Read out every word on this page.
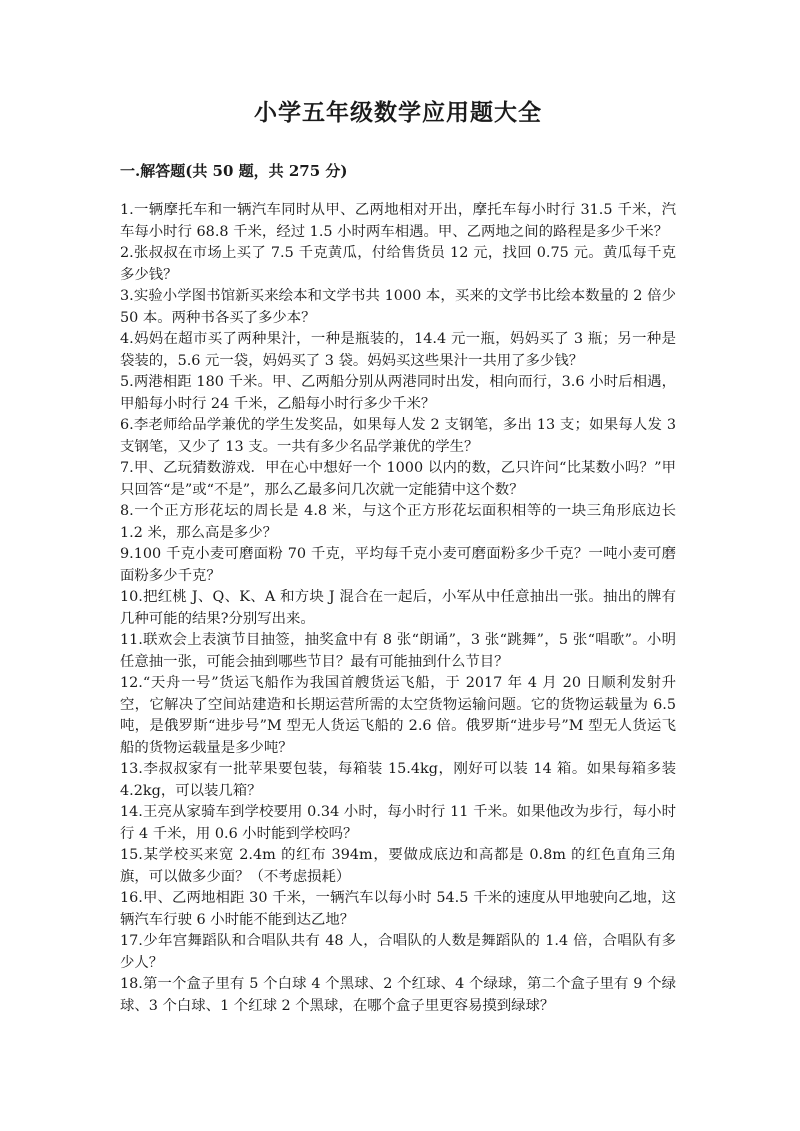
小学五年级数学应用题大全
一.解答题(共 50 题，共 275 分)
1.一辆摩托车和一辆汽车同时从甲、乙两地相对开出，摩托车每小时行 31.5 千米，汽车每小时行 68.8 千米，经过 1.5 小时两车相遇。甲、乙两地之间的路程是多少千米？
2.张叔叔在市场上买了 7.5 千克黄瓜，付给售货员 12 元，找回 0.75 元。黄瓜每千克多少钱？
3.实验小学图书馆新买来绘本和文学书共 1000 本，买来的文学书比绘本数量的 2 倍少 50 本。两种书各买了多少本？
4.妈妈在超市买了两种果汁，一种是瓶装的，14.4 元一瓶，妈妈买了 3 瓶；另一种是袋装的，5.6 元一袋，妈妈买了 3 袋。妈妈买这些果汁一共用了多少钱？
5.两港相距 180 千米。甲、乙两船分别从两港同时出发，相向而行，3.6 小时后相遇，甲船每小时行 24 千米，乙船每小时行多少千米？
6.李老师给品学兼优的学生发奖品，如果每人发 2 支钢笔，多出 13 支；如果每人发 3 支钢笔，又少了 13 支。一共有多少名品学兼优的学生？
7.甲、乙玩猜数游戏．甲在心中想好一个 1000 以内的数，乙只许问“比某数小吗？”甲只回答“是”或“不是”，那么乙最多问几次就一定能猜中这个数？
8.一个正方形花坛的周长是 4.8 米，与这个正方形花坛面积相等的一块三角形底边长 1.2 米，那么高是多少？
9.100 千克小麦可磨面粉 70 千克，平均每千克小麦可磨面粉多少千克？一吨小麦可磨面粉多少千克？
10.把红桃 J、Q、K、A 和方块 J 混合在一起后，小军从中任意抽出一张。抽出的牌有几种可能的结果?分别写出来。
11.联欢会上表演节目抽签，抽奖盒中有 8 张“朗诵”，3 张“跳舞”，5 张“唱歌”。小明任意抽一张，可能会抽到哪些节目？最有可能抽到什么节目？
12.“天舟一号”货运飞船作为我国首艘货运飞船，于 2017 年 4 月 20 日顺利发射升空，它解决了空间站建造和长期运营所需的太空货物运输问题。它的货物运载量为 6.5 吨，是俄罗斯“进步号”M 型无人货运飞船的 2.6 倍。俄罗斯“进步号”M 型无人货运飞船的货物运载量是多少吨？
13.李叔叔家有一批苹果要包装，每箱装 15.4kg，刚好可以装 14 箱。如果每箱多装 4.2kg，可以装几箱？
14.王亮从家骑车到学校要用 0.34 小时，每小时行 11 千米。如果他改为步行，每小时行 4 千米，用 0.6 小时能到学校吗？
15.某学校买来宽 2.4m 的红布 394m，要做成底边和高都是 0.8m 的红色直角三角旗，可以做多少面？（不考虑损耗）
16.甲、乙两地相距 30 千米，一辆汽车以每小时 54.5 千米的速度从甲地驶向乙地，这辆汽车行驶 6 小时能不能到达乙地？
17.少年宫舞蹈队和合唱队共有 48 人，合唱队的人数是舞蹈队的 1.4 倍，合唱队有多少人？
18.第一个盒子里有 5 个白球 4 个黑球、2 个红球、4 个绿球，第二个盒子里有 9 个绿球、3 个白球、1 个红球 2 个黑球，在哪个盒子里更容易摸到绿球？
